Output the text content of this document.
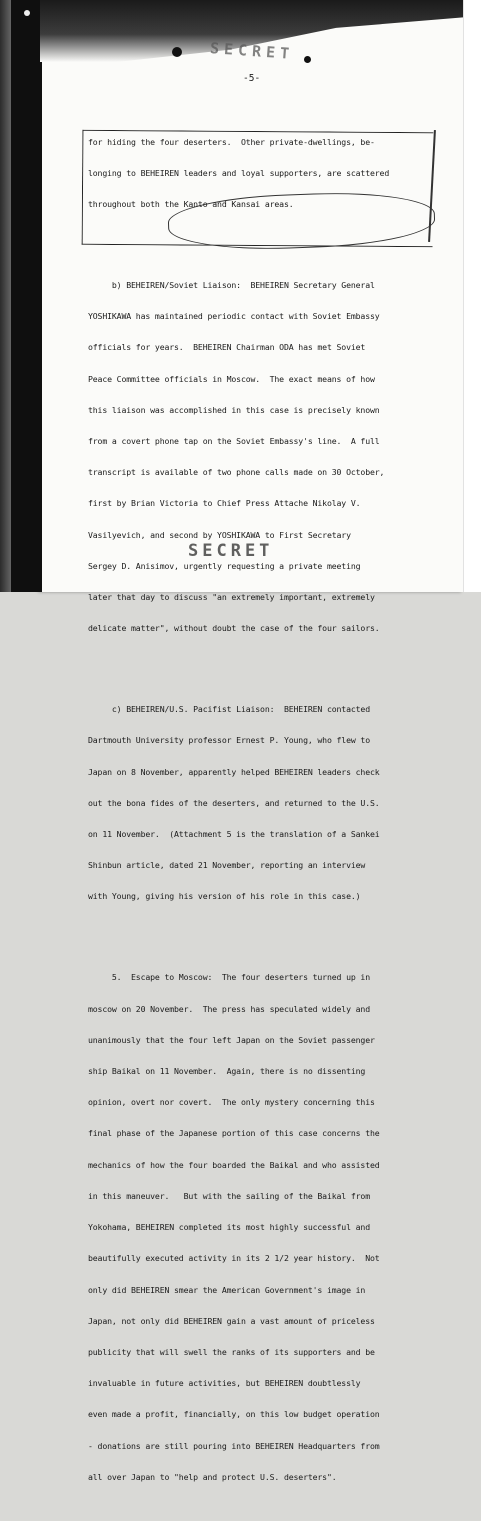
SECRET
-5-

for hiding the four deserters.  Other private-dwellings, be-

longing to BEHEIREN leaders and loyal supporters, are scattered

throughout both the Kanto and Kansai areas.

b) BEHEIREN/Soviet Liaison:  BEHEIREN Secretary General

YOSHIKAWA has maintained periodic contact with Soviet Embassy

officials for years.  BEHEIREN Chairman ODA has met Soviet

Peace Committee officials in Moscow.  The exact means of how

this liaison was accomplished in this case is precisely known

from a covert phone tap on the Soviet Embassy's line.  A full

transcript is available of two phone calls made on 30 October,

first by Brian Victoria to Chief Press Attache Nikolay V.

Vasilyevich, and second by YOSHIKAWA to First Secretary

Sergey D. Anisimov, urgently requesting a private meeting

later that day to discuss "an extremely important, extremely

delicate matter", without doubt the case of the four sailors.

c) BEHEIREN/U.S. Pacifist Liaison:  BEHEIREN contacted

Dartmouth University professor Ernest P. Young, who flew to

Japan on 8 November, apparently helped BEHEIREN leaders check

out the bona fides of the deserters, and returned to the U.S.

on 11 November.  (Attachment 5 is the translation of a Sankei

Shinbun article, dated 21 November, reporting an interview

with Young, giving his version of his role in this case.)

5.  Escape to Moscow:  The four deserters turned up in

moscow on 20 November.  The press has speculated widely and

unanimously that the four left Japan on the Soviet passenger

ship Baikal on 11 November.  Again, there is no dissenting

opinion, overt nor covert.  The only mystery concerning this

final phase of the Japanese portion of this case concerns the

mechanics of how the four boarded the Baikal and who assisted

in this maneuver.   But with the sailing of the Baikal from

Yokohama, BEHEIREN completed its most highly successful and

beautifully executed activity in its 2 1/2 year history.  Not

only did BEHEIREN smear the American Government's image in

Japan, not only did BEHEIREN gain a vast amount of priceless

publicity that will swell the ranks of its supporters and be

invaluable in future activities, but BEHEIREN doubtlessly

even made a profit, financially, on this low budget operation

- donations are still pouring into BEHEIREN Headquarters from

all over Japan to "help and protect U.S. deserters".

SECRET
